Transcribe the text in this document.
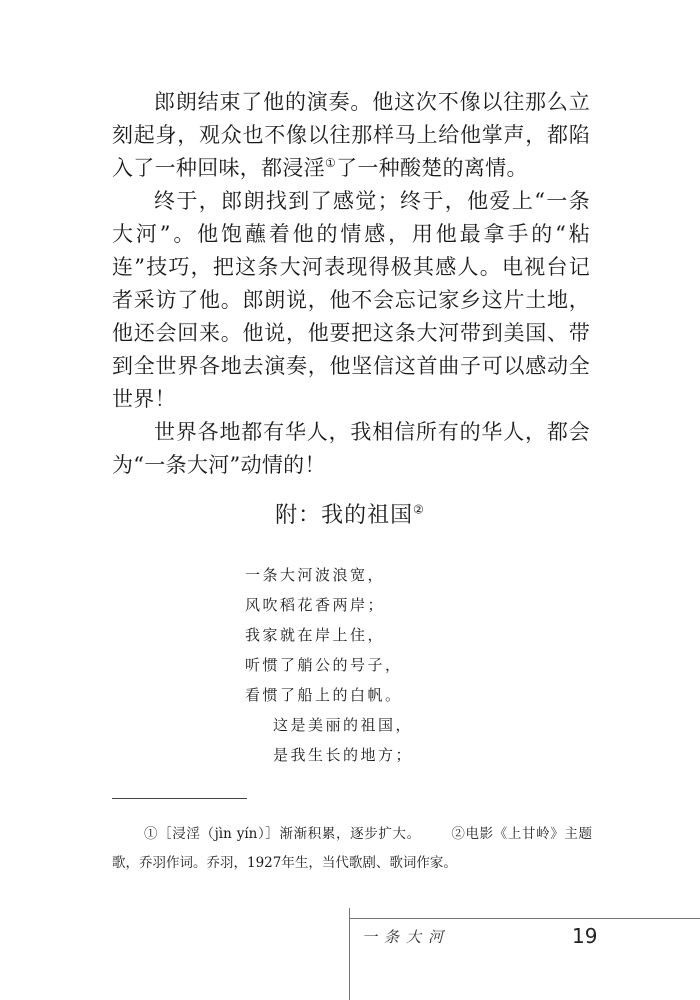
郎朗结束了他的演奏。他这次不像以往那么立刻起身，观众也不像以往那样马上给他掌声，都陷入了一种回味，都浸淫①了一种酸楚的离情。

终于，郎朗找到了感觉；终于，他爱上“一条大河”。他饱蘸着他的情感，用他最拿手的“粘连”技巧，把这条大河表现得极其感人。电视台记者采访了他。郎朗说，他不会忘记家乡这片土地，他还会回来。他说，他要把这条大河带到美国、带到全世界各地去演奏，他坚信这首曲子可以感动全世界！

世界各地都有华人，我相信所有的华人，都会为“一条大河”动情的！

附：我的祖国②
一条大河波浪宽，
风吹稻花香两岸；
我家就在岸上住，
听惯了艄公的号子，
看惯了船上的白帆。
这是美丽的祖国，
是我生长的地方；
①［浸淫（jìn yín）］渐渐积累，逐步扩大。 ②电影《上甘岭》主题歌，乔羽作词。乔羽，1927年生，当代歌剧、歌词作家。
一条大河	19
